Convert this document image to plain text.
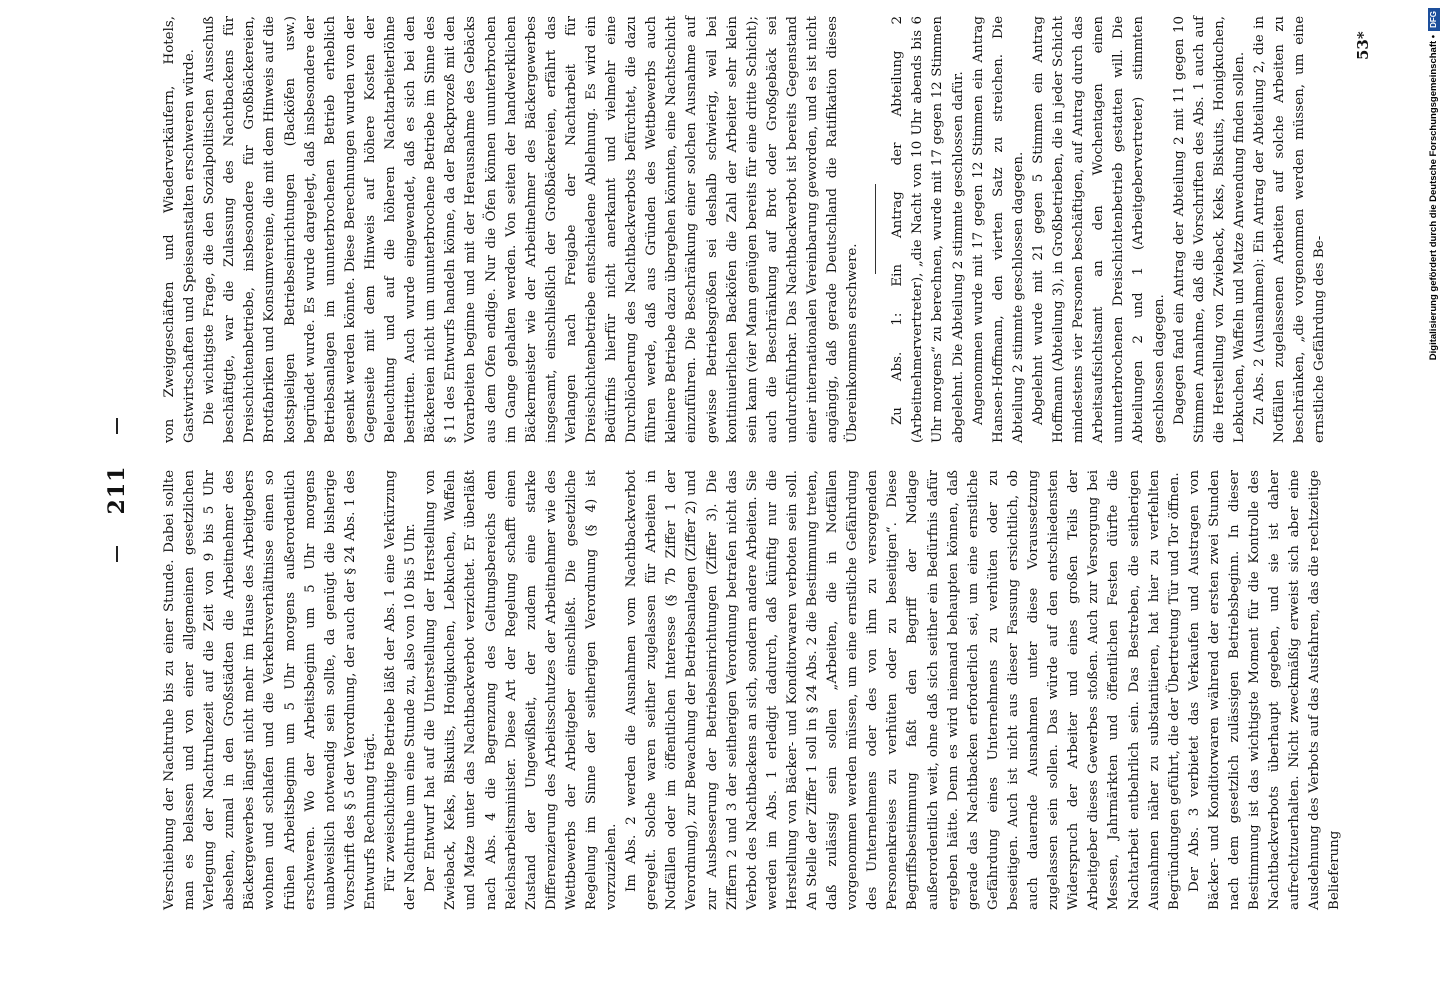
211 Verschiebung der Nachtruhe bis zu einer Stunde. Dabei sollte man es belassen und von einer allgemeinen gesetzlichen Verlegung der Nachtruhezeit auf die Zeit von 9 bis 5 Uhr absehen, zumal in den Großstädten die Arbeitnehmer des Bäckergewerbes längst nicht mehr im Hause des Arbeitgebers wohnen und schlafen und die Verkehrsverhältnisse einen so frühen Arbeitsbeginn um 5 Uhr morgens außerordentlich erschweren. Wo der Arbeitsbeginn um 5 Uhr morgens unabweislich notwendig sein sollte, da genügt die bisherige Vorschrift des § 5 der Verordnung, der auch der § 24 Abs. 1 des Entwurfs Rechnung trägt. Für zweischichtige Betriebe läßt der Abs. 1 eine Verkürzung der Nachtruhe um eine Stunde zu, also von 10 bis 5 Uhr. Der Entwurf hat auf die Unterstellung der Herstellung von Zwieback, Keks, Biskuits, Honigkuchen, Lebkuchen, Waffeln und Matze unter das Nachtbackverbot verzichtet. Er überläßt nach Abs. 4 die Begrenzung des Geltungsbereichs dem Reichsarbeitsminister. Diese Art der Regelung schafft einen Zustand der Ungewißheit, der zudem eine starke Differenzierung des Arbeitsschutzes der Arbeitnehmer wie des Wettbewerbs der Arbeitgeber einschließt. Die gesetzliche Regelung im Sinne der seitherigen Verordnung (§ 4) ist vorzuziehen. Im Abs. 2 werden die Ausnahmen vom Nachtbackverbot geregelt. Solche waren seither zugelassen für Arbeiten in Notfällen oder im öffentlichen Interesse (§ 7b Ziffer 1 der Verordnung), zur Bewachung der Betriebsanlagen (Ziffer 2) und zur Ausbesserung der Betriebseinrichtungen (Ziffer 3). Die Ziffern 2 und 3 der seitherigen Verordnung betrafen nicht das Verbot des Nachtbackens an sich, sondern andere Arbeiten. Sie werden im Abs. 1 erledigt dadurch, daß künftig nur die Herstellung von Bäcker- und Konditorwaren verboten sein soll. An Stelle der Ziffer 1 soll in § 24 Abs. 2 die Bestimmung treten, daß zulässig sein sollen „Arbeiten, die in Notfällen vorgenommen werden müssen, um eine ernstliche Gefährdung des Unternehmens oder des von ihm zu versorgenden Personenkreises zu verhüten oder zu beseitigen“. Diese Begriffsbestimmung faßt den Begriff der Notlage außerordentlich weit, ohne daß sich seither ein Bedürfnis dafür ergeben hätte. Denn es wird niemand behaupten können, daß gerade das Nachtbacken erforderlich sei, um eine ernstliche Gefährdung eines Unternehmens zu verhüten oder zu beseitigen. Auch ist nicht aus dieser Fassung ersichtlich, ob auch dauernde Ausnahmen unter diese Voraussetzung zugelassen sein sollen. Das würde auf den entschiedensten Widerspruch der Arbeiter und eines großen Teils der Arbeitgeber dieses Gewerbes stoßen. Auch zur Versorgung bei Messen, Jahrmärkten und öffentlichen Festen dürfte die Nachtarbeit entbehrlich sein. Das Bestreben, die seitherigen Ausnahmen näher zu substantiieren, hat hier zu verfehlten Begründungen geführt, die der Übertretung Tür und Tor öffnen. Der Abs. 3 verbietet das Verkaufen und Austragen von Bäcker- und Konditorwaren während der ersten zwei Stunden nach dem gesetzlich zulässigen Betriebsbeginn. In dieser Bestimmung ist das wichtigste Moment für die Kontrolle des Nachtbackverbots überhaupt gegeben, und sie ist daher aufrechtzuerhalten. Nicht zweckmäßig erweist sich aber eine Ausdehnung des Verbots auf das Ausfahren, das die rechtzeitige Belieferung

von Zweiggeschäften und Wiederverkäufern, Hotels, Gastwirtschaften und Speiseanstalten erschweren würde. Die wichtigste Frage, die den Sozialpolitischen Ausschuß beschäftigte, war die Zulassung des Nachtbackens für Dreischichtenbetriebe, insbesondere für Großbäckereien, Brotfabriken und Konsumvereine, die mit dem Hinweis auf die kostspieligen Betriebseinrichtungen (Backöfen usw.) begründet wurde. Es wurde dargelegt, daß insbesondere der Betriebsanlagen im ununterbrochenen Betrieb erheblich gesenkt werden könnte. Diese Berechnungen wurden von der Gegenseite mit dem Hinweis auf höhere Kosten der Beleuchtung und auf die höheren Nachtarbeiterlöhne bestritten. Auch wurde eingewendet, daß es sich bei den Bäckereien nicht um ununterbrochene Betriebe im Sinne des § 11 des Entwurfs handeln könne, da der Backprozeß mit den Vorarbeiten beginne und mit der Herausnahme des Gebäcks aus dem Ofen endige. Nur die Öfen können ununterbrochen im Gange gehalten werden. Von seiten der handwerklichen Bäckermeister wie der Arbeitnehmer des Bäckergewerbes insgesamt, einschließlich der Großbäckereien, erfährt das Verlangen nach Freigabe der Nachtarbeit für Dreischichtenbetriebe entschiedene Ablehnung. Es wird ein Bedürfnis hierfür nicht anerkannt und vielmehr eine Durchlöcherung des Nachtbackverbots befürchtet, die dazu führen werde, daß aus Gründen des Wettbewerbs auch kleinere Betriebe dazu übergehen könnten, eine Nachtschicht einzuführen. Die Beschränkung einer solchen Ausnahme auf gewisse Betriebsgrößen sei deshalb schwierig, weil bei kontinuierlichen Backöfen die Zahl der Arbeiter sehr klein sein kann (vier Mann genügen bereits für eine dritte Schicht); auch die Beschränkung auf Brot oder Großgebäck sei undurchführbar. Das Nachtbackverbot ist bereits Gegenstand einer internationalen Vereinbarung geworden, und es ist nicht angängig, daß gerade Deutschland die Ratifikation dieses Übereinkommens erschwere. Zu Abs. 1: Ein Antrag der Abteilung 2 (Arbeitnehmervertreter), „die Nacht von 10 Uhr abends bis 6 Uhr morgens“ zu berechnen, wurde mit 17 gegen 12 Stimmen abgelehnt. Die Abteilung 2 stimmte geschlossen dafür. Angenommen wurde mit 17 gegen 12 Stimmen ein Antrag Hansen-Hoffmann, den vierten Satz zu streichen. Die Abteilung 2 stimmte geschlossen dagegen. Abgelehnt wurde mit 21 gegen 5 Stimmen ein Antrag Hoffmann (Abteilung 3), in Großbetrieben, die in jeder Schicht mindestens vier Personen beschäftigen, auf Antrag durch das Arbeitsaufsichtsamt an den Wochentagen einen ununterbrochenen Dreischichtenbetrieb gestatten will. Die Abteilungen 2 und 1 (Arbeitgebervertreter) stimmten geschlossen dagegen. Dagegen fand ein Antrag der Abteilung 2 mit 11 gegen 10 Stimmen Annahme, daß die Vorschriften des Abs. 1 auch auf die Herstellung von Zwieback, Keks, Biskuits, Honigkuchen, Lebkuchen, Waffeln und Matze Anwendung finden sollen. Zu Abs. 2 (Ausnahmen): Ein Antrag der Abteilung 2, die in Notfällen zugelassenen Arbeiten auf solche Arbeiten zu beschränken, „die vorgenommen werden müssen, um eine ernstliche Gefährdung des Be-

53*	Digitalisierung gefördert durch die Deutsche Forschungsgemeinschaft •DFG
